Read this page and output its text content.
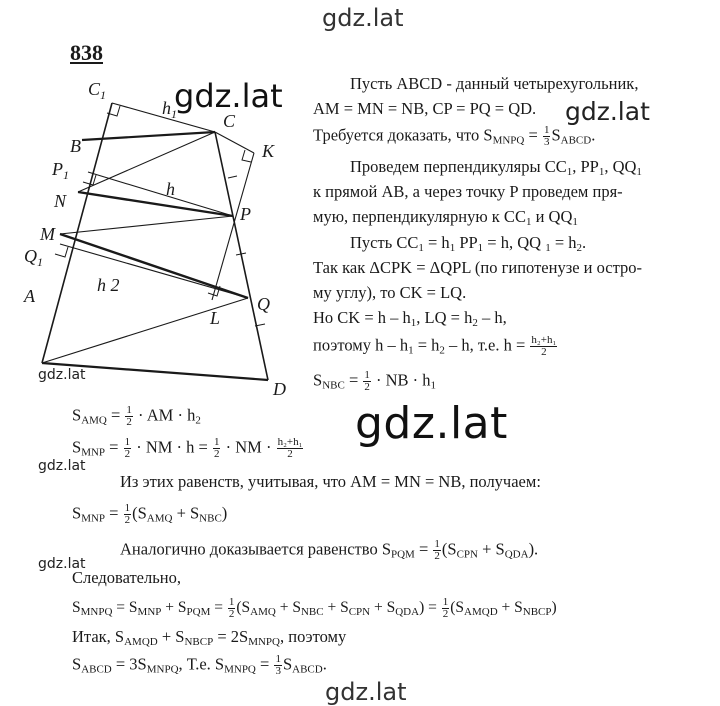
gdz.lat
gdz.lat
gdz.lat
gdz.lat
gdz.lat
gdz.lat
gdz.lat
838
$C_1$
B
$h_1$	C
K
$P_1$
N
h
P
M
$Q_1$
A
h 2
Q
L
D
gdz.lat	Пусть ABCD - данный четырехугольник,
AM = MN = NB, CP = PQ = QD.
Требуется доказать, что $S_{MNPQ} = \frac{1}{3} S_{ABCD}$.
Проведем перпендикуляры $CC_1$, $PP_1$, $QQ_1$
к прямой AB, а через точку P проведем пря-
мую, перпендикулярную к $CC_1$ и $QQ_1$
Пусть $CC_1 = h_1$ $PP_1 = h$, QQ $_1 = h_2$.
Так как ΔCPK = ΔQPL (по гипотенузе и остро-
му углу), то CK = LQ.
Но CK = h – $h_1$, LQ = $h_2$ – h,
поэтому $h - h_1 = h_2 - h$, т.е. $h = \frac{\text{h₂+h₁}}{2}$
$S_{NBC} = \frac{1}{2}$ · NB · $h_1$
$S_{AMQ} = \frac{1}{2}$ · AM · $h_2$
$S_{MNP} = \frac{1}{2}$ · NM · $h = \frac{1}{2}$ · NM · $\frac{\text{h₂+h₁}}{2}$
Из этих равенств, учитывая, что AM = MN = NB, получаем:
$S_{MNP} = \frac{1}{2} (S_{AMQ} + S_{NBC})$
Аналогично доказывается равенство $S_{PQM} = \frac{1}{2} (S_{CPN} + S_{QDA})$.
Следовательно,
$S_{MNPQ} = S_{MNP} + S_{PQM} = \frac{1}{2} (S_{AMQ} + S_{NBC} + S_{CPN} + S_{QDA}) = \frac{1}{2} (S_{AMQD} + S_{NBCP})$
Итак, $S_{AMQD} + S_{NBCP} = 2S_{MNPQ}$, поэтому
$S_{ABCD} = 3S_{MNPQ}$, Т.е. $S_{MNPQ} = \frac{1}{3} S_{ABCD}$.
